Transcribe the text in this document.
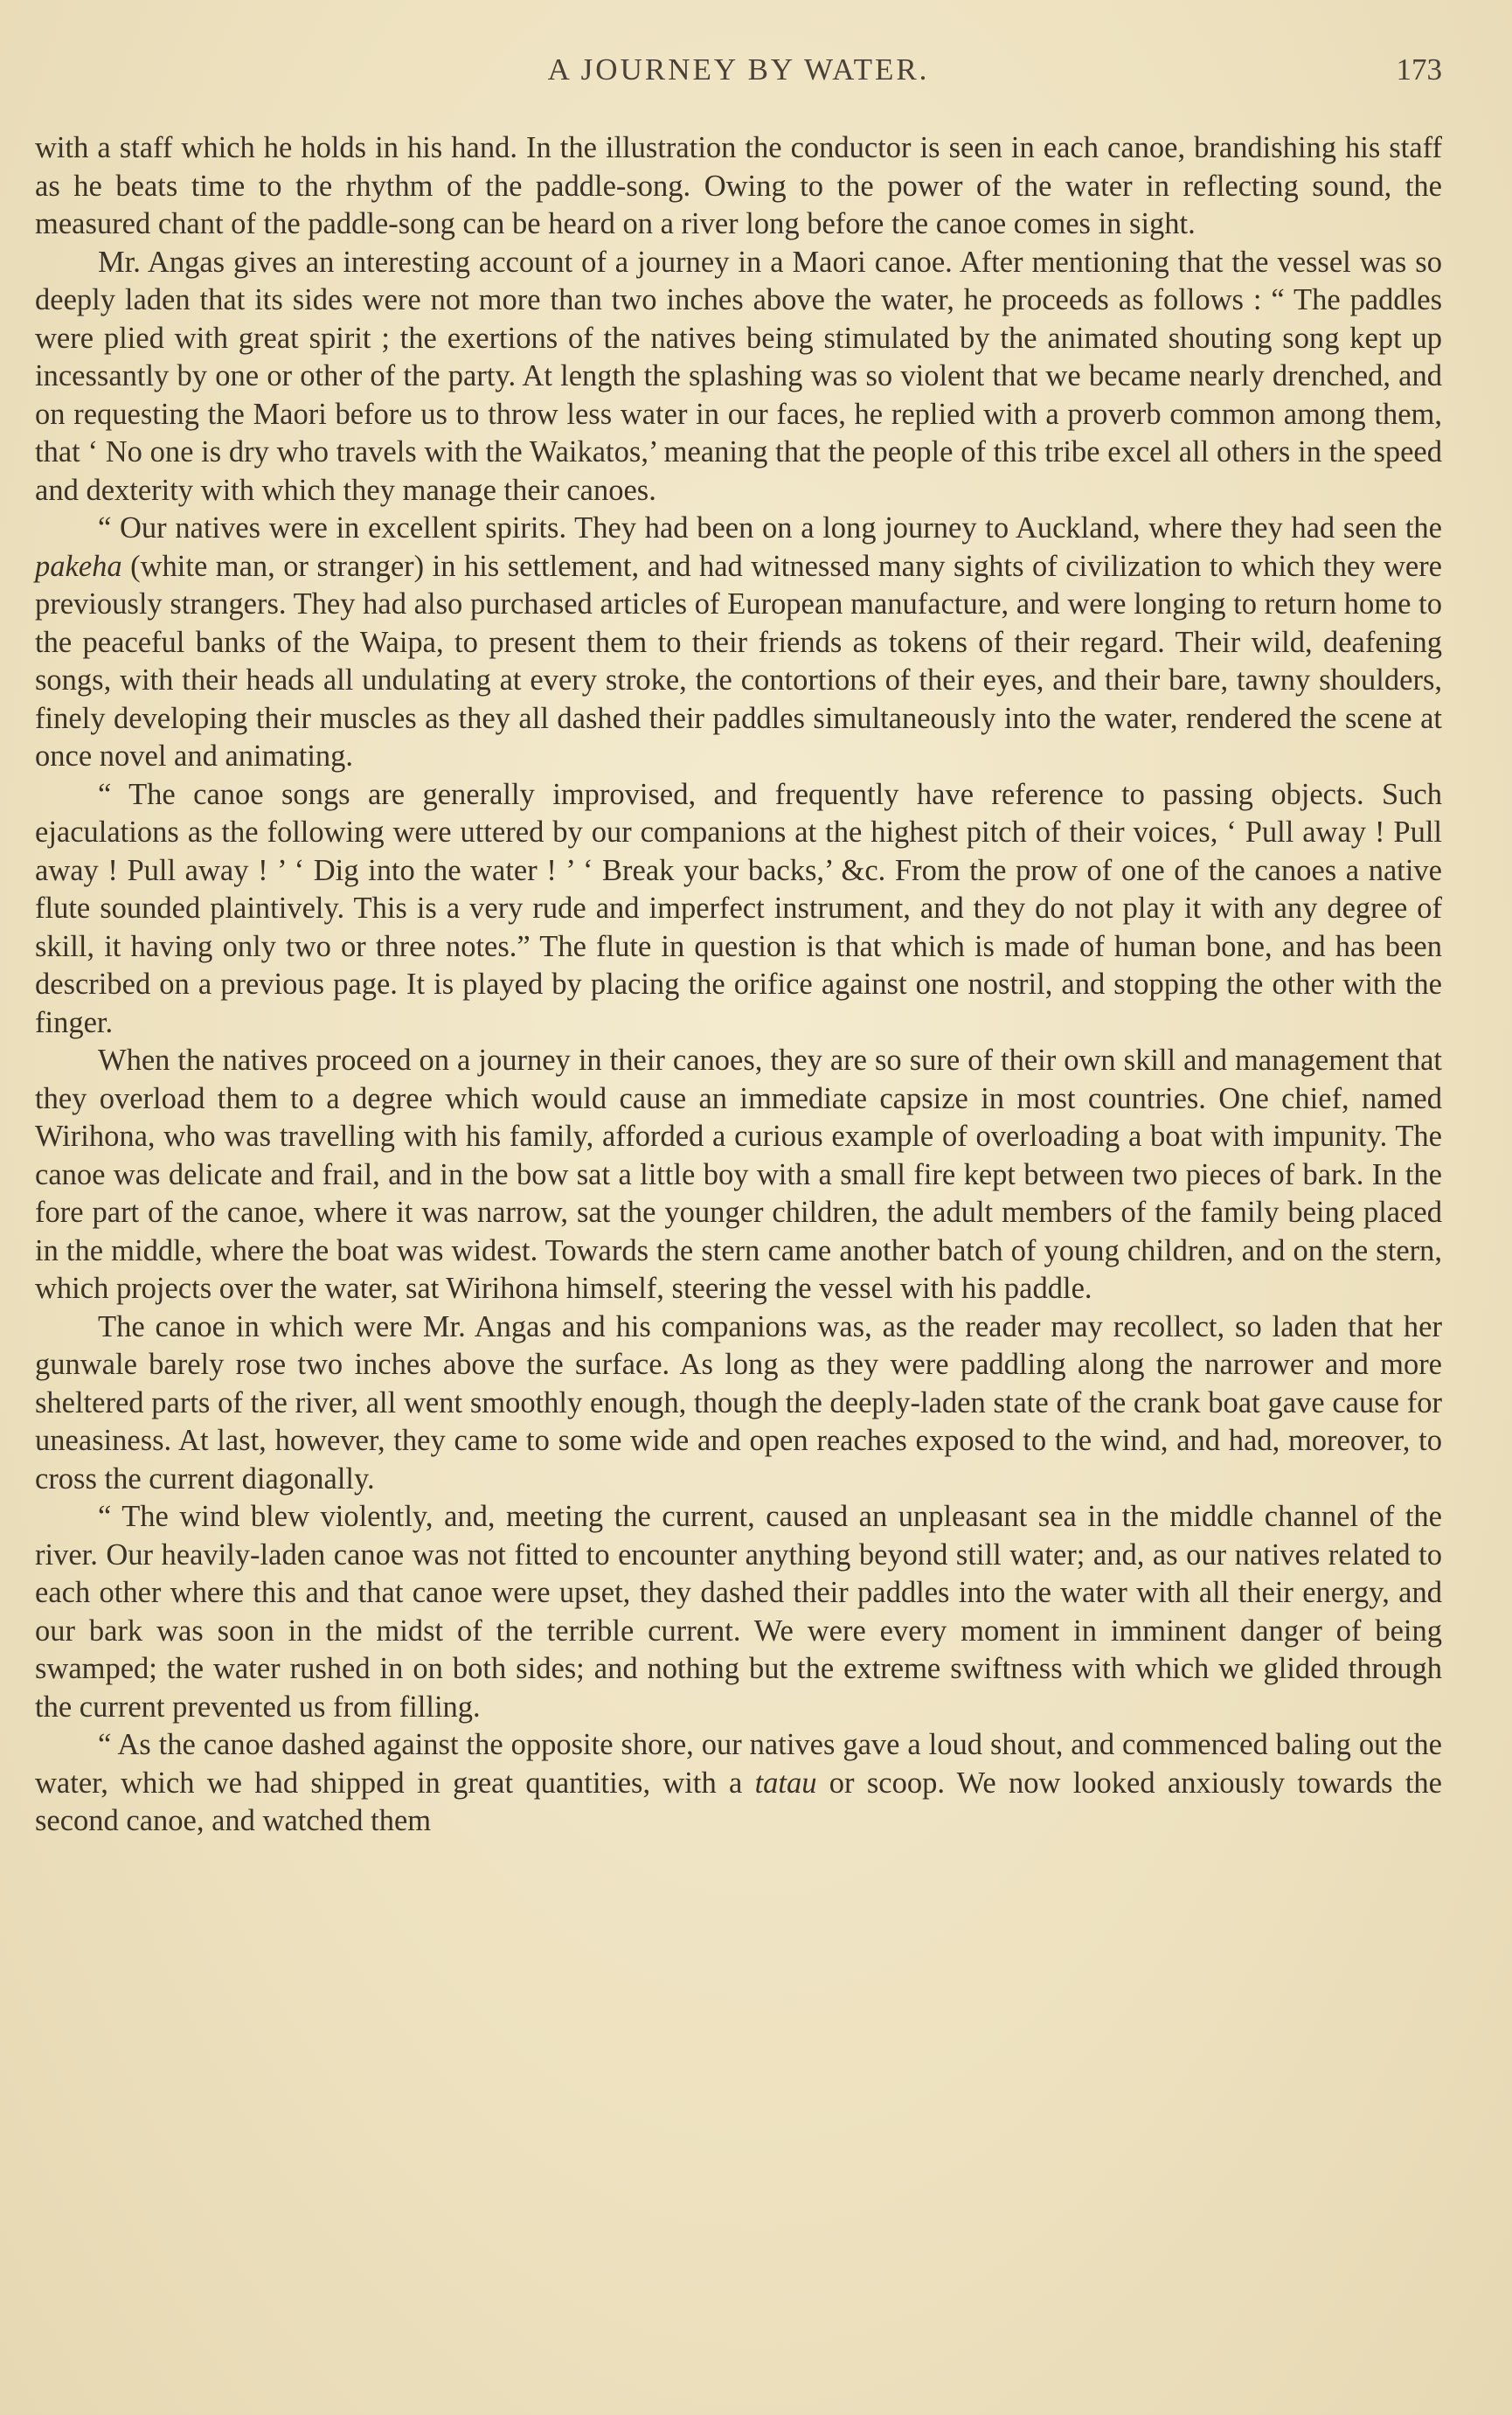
A JOURNEY BY WATER.	173

with a staff which he holds in his hand. In the illustration the conductor is seen in each canoe, brandishing his staff as he beats time to the rhythm of the paddle-song. Owing to the power of the water in reflecting sound, the measured chant of the paddle-song can be heard on a river long before the canoe comes in sight.

Mr. Angas gives an interesting account of a journey in a Maori canoe. After mentioning that the vessel was so deeply laden that its sides were not more than two inches above the water, he proceeds as follows : “ The paddles were plied with great spirit ; the exertions of the natives being stimulated by the animated shouting song kept up incessantly by one or other of the party. At length the splashing was so violent that we became nearly drenched, and on requesting the Maori before us to throw less water in our faces, he replied with a proverb common among them, that ‘ No one is dry who travels with the Waikatos,’ meaning that the people of this tribe excel all others in the speed and dexterity with which they manage their canoes.

“ Our natives were in excellent spirits. They had been on a long journey to Auckland, where they had seen the pakeha (white man, or stranger) in his settlement, and had witnessed many sights of civilization to which they were previously strangers. They had also purchased articles of European manufacture, and were longing to return home to the peaceful banks of the Waipa, to present them to their friends as tokens of their regard. Their wild, deafening songs, with their heads all undulating at every stroke, the contortions of their eyes, and their bare, tawny shoulders, finely developing their muscles as they all dashed their paddles simultaneously into the water, rendered the scene at once novel and animating.

“ The canoe songs are generally improvised, and frequently have reference to passing objects. Such ejaculations as the following were uttered by our companions at the highest pitch of their voices, ‘ Pull away ! Pull away ! Pull away ! ’ ‘ Dig into the water ! ’ ‘ Break your backs,’ &c. From the prow of one of the canoes a native flute sounded plaintively. This is a very rude and imperfect instrument, and they do not play it with any degree of skill, it having only two or three notes.” The flute in question is that which is made of human bone, and has been described on a previous page. It is played by placing the orifice against one nostril, and stopping the other with the finger.

When the natives proceed on a journey in their canoes, they are so sure of their own skill and management that they overload them to a degree which would cause an immediate capsize in most countries. One chief, named Wirihona, who was travelling with his family, afforded a curious example of overloading a boat with impunity. The canoe was delicate and frail, and in the bow sat a little boy with a small fire kept between two pieces of bark. In the fore part of the canoe, where it was narrow, sat the younger children, the adult members of the family being placed in the middle, where the boat was widest. Towards the stern came another batch of young children, and on the stern, which projects over the water, sat Wirihona himself, steering the vessel with his paddle.

The canoe in which were Mr. Angas and his companions was, as the reader may recollect, so laden that her gunwale barely rose two inches above the surface. As long as they were paddling along the narrower and more sheltered parts of the river, all went smoothly enough, though the deeply-laden state of the crank boat gave cause for uneasiness. At last, however, they came to some wide and open reaches exposed to the wind, and had, moreover, to cross the current diagonally.

“ The wind blew violently, and, meeting the current, caused an unpleasant sea in the middle channel of the river. Our heavily-laden canoe was not fitted to encounter anything beyond still water; and, as our natives related to each other where this and that canoe were upset, they dashed their paddles into the water with all their energy, and our bark was soon in the midst of the terrible current. We were every moment in imminent danger of being swamped; the water rushed in on both sides; and nothing but the extreme swiftness with which we glided through the current prevented us from filling.

“ As the canoe dashed against the opposite shore, our natives gave a loud shout, and commenced baling out the water, which we had shipped in great quantities, with a tatau or scoop. We now looked anxiously towards the second canoe, and watched them
